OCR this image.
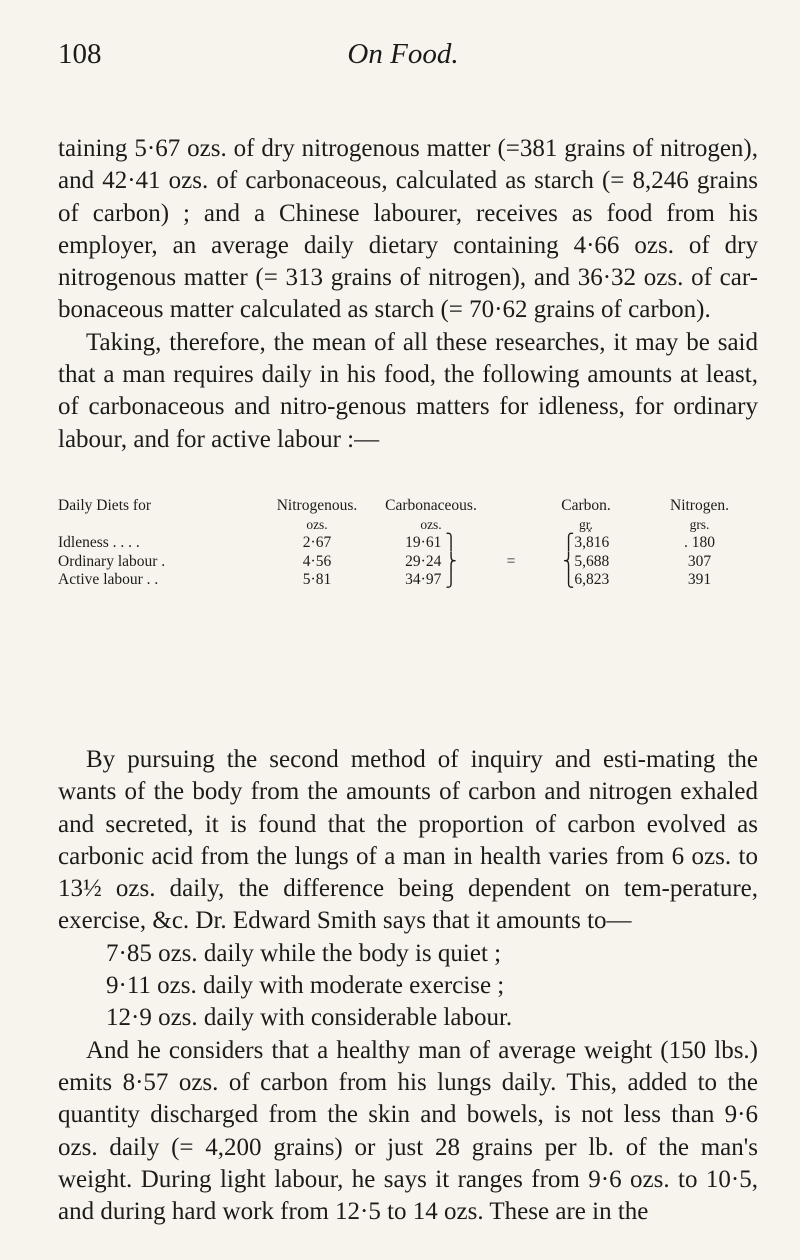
108	On Food.

taining 5·67 ozs. of dry nitrogenous matter (=381 grains of nitrogen), and 42·41 ozs. of carbonaceous, calculated as starch (= 8,246 grains of carbon) ; and a Chinese labourer, receives as food from his employer, an average daily dietary containing 4·66 ozs. of dry nitrogenous matter (= 313 grains of nitrogen), and 36·32 ozs. of car-bonaceous matter calculated as starch (= 70·62 grains of carbon).

Taking, therefore, the mean of all these researches, it may be said that a man requires daily in his food, the following amounts at least, of carbonaceous and nitro-genous matters for idleness, for ordinary labour, and for active labour :—

Daily Diets for	Nitrogenous.	Carbonaceous.		Carbon.	Nitrogen.
	ozs.	ozs.		gr͓.	grs.
Idleness . . . .	2·67	19·61 ⎫		⎧3,816	. 180
Ordinary labour .	4·56	29·24 ⎬	=	⎨5,688	307
Active labour . .	5·81	34·97 ⎭		⎩6,823	391

By pursuing the second method of inquiry and esti-mating the wants of the body from the amounts of carbon and nitrogen exhaled and secreted, it is found that the proportion of carbon evolved as carbonic acid from the lungs of a man in health varies from 6 ozs. to 13½ ozs. daily, the difference being dependent on tem-perature, exercise, &c. Dr. Edward Smith says that it amounts to—

7·85 ozs. daily while the body is quiet ;
9·11 ozs. daily with moderate exercise ;
12·9 ozs. daily with considerable labour.

And he considers that a healthy man of average weight (150 lbs.) emits 8·57 ozs. of carbon from his lungs daily. This, added to the quantity discharged from the skin and bowels, is not less than 9·6 ozs. daily (= 4,200 grains) or just 28 grains per lb. of the man's weight. During light labour, he says it ranges from 9·6 ozs. to 10·5, and during hard work from 12·5 to 14 ozs. These are in the
